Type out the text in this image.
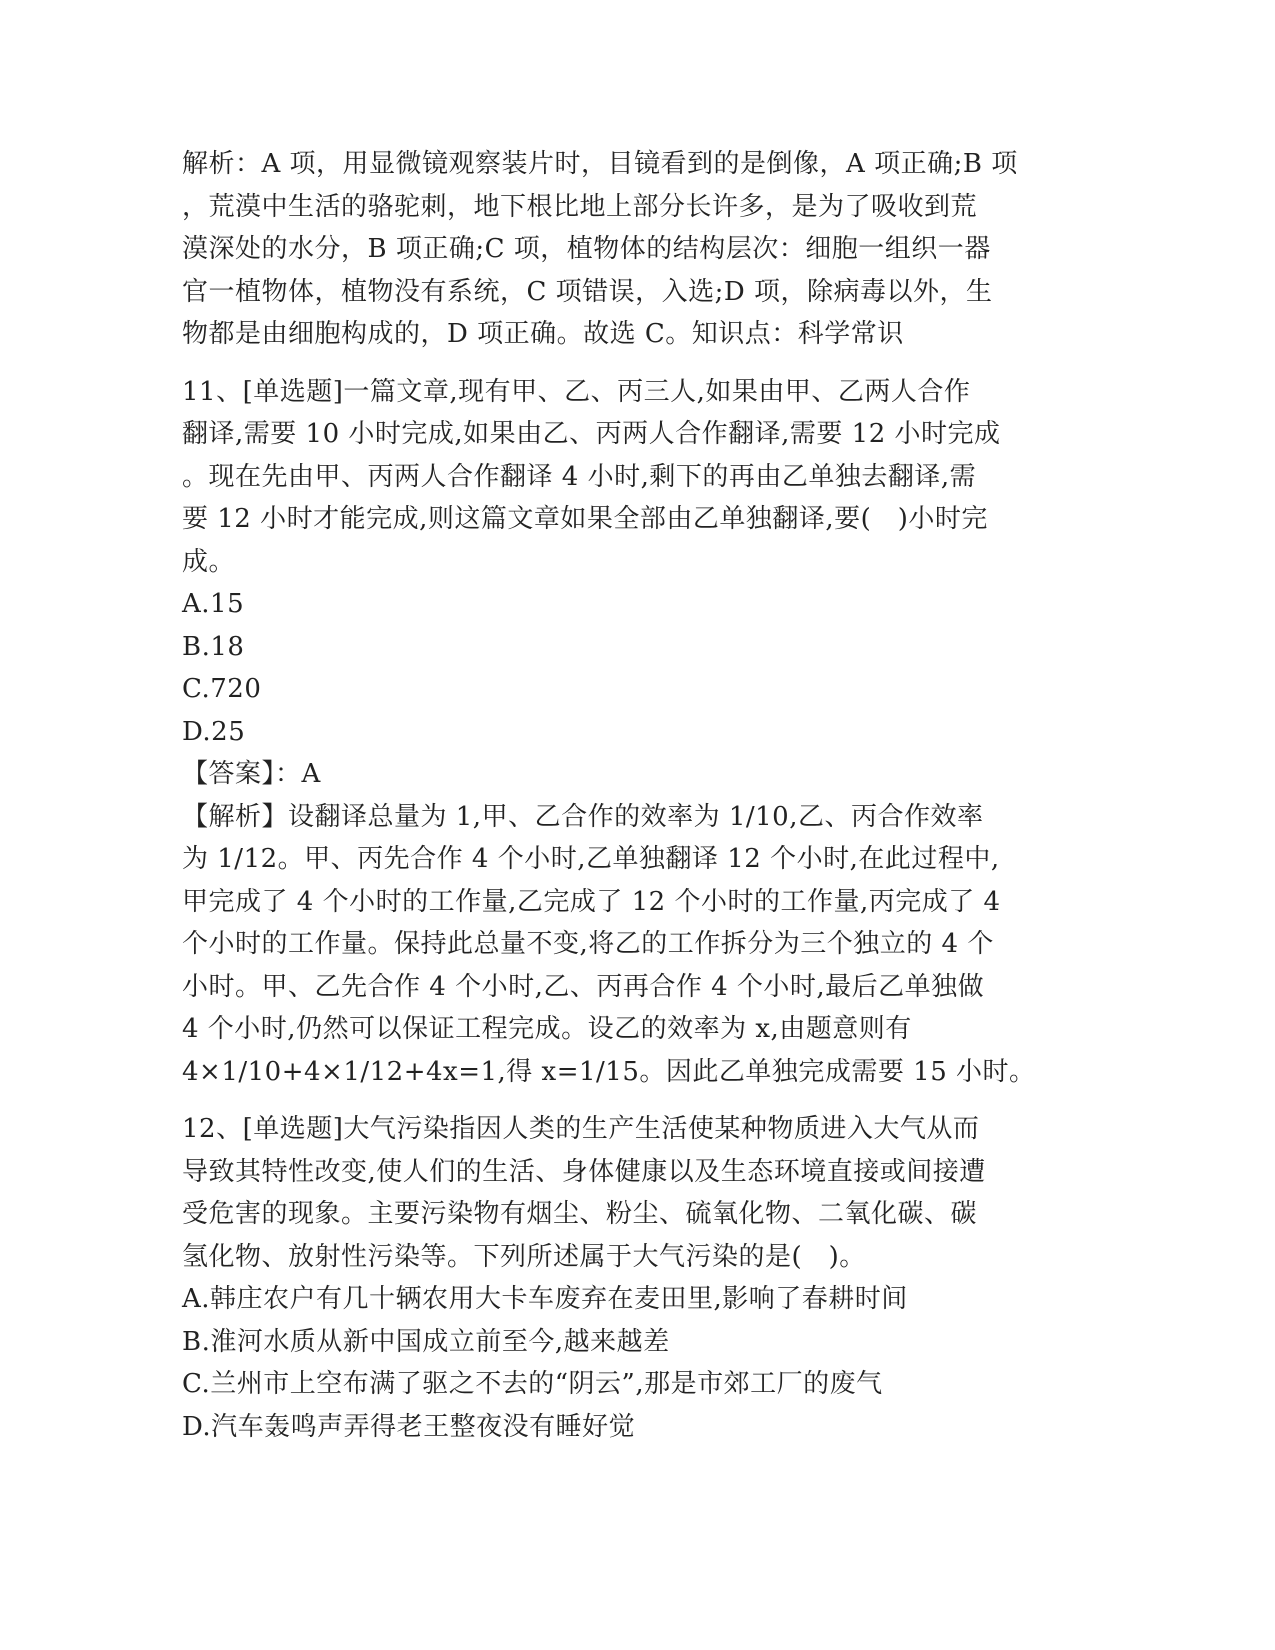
解析：A 项，用显微镜观察装片时，目镜看到的是倒像，A 项正确;B 项
，荒漠中生活的骆驼刺，地下根比地上部分长许多，是为了吸收到荒
漠深处的水分，B 项正确;C 项，植物体的结构层次：细胞一组织一器
官一植物体，植物没有系统，C 项错误，入选;D 项，除病毒以外，生
物都是由细胞构成的，D 项正确。故选 C。知识点：科学常识
11、[单选题]一篇文章,现有甲、乙、丙三人,如果由甲、乙两人合作
翻译,需要 10 小时完成,如果由乙、丙两人合作翻译,需要 12 小时完成
。现在先由甲、丙两人合作翻译 4 小时,剩下的再由乙单独去翻译,需
要 12 小时才能完成,则这篇文章如果全部由乙单独翻译,要(　)小时完
成。
A.15
B.18
C.720
D.25
【答案】：A
【解析】设翻译总量为 1,甲、乙合作的效率为 1/10,乙、丙合作效率
为 1/12。甲、丙先合作 4 个小时,乙单独翻译 12 个小时,在此过程中,
甲完成了 4 个小时的工作量,乙完成了 12 个小时的工作量,丙完成了 4
个小时的工作量。保持此总量不变,将乙的工作拆分为三个独立的 4 个
小时。甲、乙先合作 4 个小时,乙、丙再合作 4 个小时,最后乙单独做
4 个小时,仍然可以保证工程完成。设乙的效率为 x,由题意则有
4×1/10+4×1/12+4x=1,得 x=1/15。因此乙单独完成需要 15 小时。
12、[单选题]大气污染指因人类的生产生活使某种物质进入大气从而
导致其特性改变,使人们的生活、身体健康以及生态环境直接或间接遭
受危害的现象。主要污染物有烟尘、粉尘、硫氧化物、二氧化碳、碳
氢化物、放射性污染等。下列所述属于大气污染的是(　)。
A.韩庄农户有几十辆农用大卡车废弃在麦田里,影响了春耕时间
B.淮河水质从新中国成立前至今,越来越差
C.兰州市上空布满了驱之不去的“阴云”,那是市郊工厂的废气
D.汽车轰鸣声弄得老王整夜没有睡好觉
